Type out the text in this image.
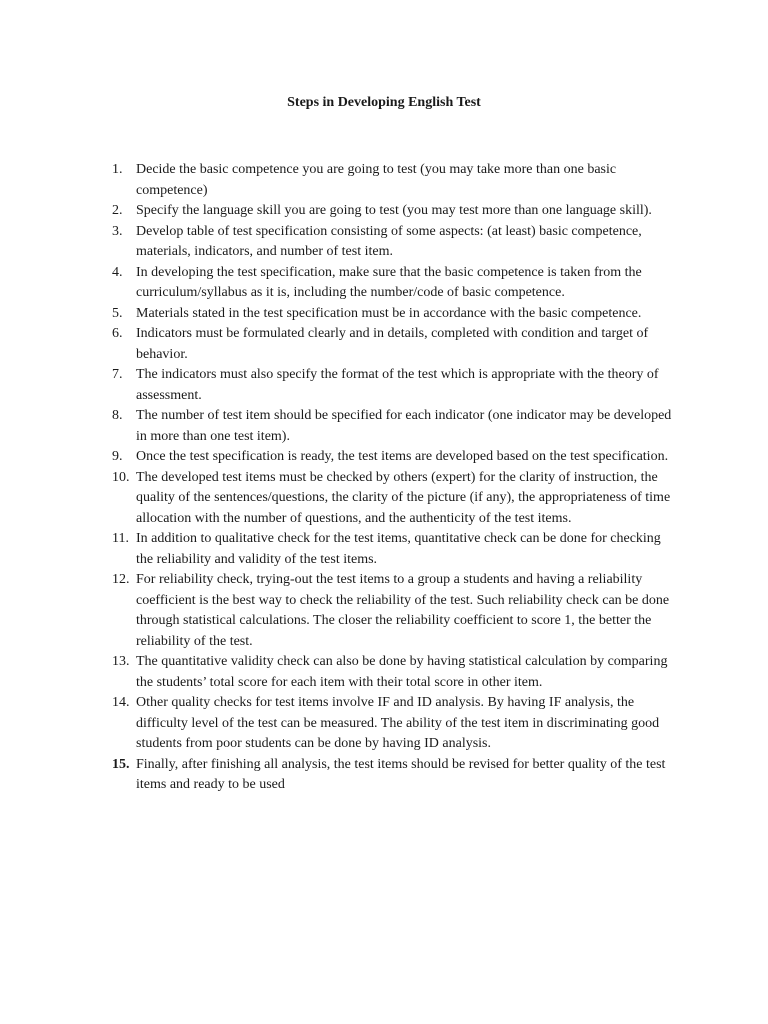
Steps in Developing English Test
1. Decide the basic competence you are going to test (you may take more than one basic competence)
2. Specify the language skill you are going to test (you may test more than one language skill).
3. Develop table of test specification consisting of some aspects: (at least) basic competence, materials, indicators, and number of test item.
4. In developing the test specification, make sure that the basic competence is taken from the curriculum/syllabus as it is, including the number/code of basic competence.
5. Materials stated in the test specification must be in accordance with the basic competence.
6. Indicators must be formulated clearly and in details, completed with condition and target of behavior.
7. The indicators must also specify the format of the test which is appropriate with the theory of assessment.
8. The number of test item should be specified for each indicator (one indicator may be developed in more than one test item).
9. Once the test specification is ready, the test items are developed based on the test specification.
10. The developed test items must be checked by others (expert) for the clarity of instruction, the quality of the sentences/questions, the clarity of the picture (if any), the appropriateness of time allocation with the number of questions, and the authenticity of the test items.
11. In addition to qualitative check for the test items, quantitative check can be done for checking the reliability and validity of the test items.
12. For reliability check, trying-out the test items to a group a students and having a reliability coefficient is the best way to check the reliability of the test. Such reliability check can be done through statistical calculations. The closer the reliability coefficient to score 1, the better the reliability of the test.
13. The quantitative validity check can also be done by having statistical calculation by comparing the students’ total score for each item with their total score in other item.
14. Other quality checks for test items involve IF and ID analysis. By having IF analysis, the difficulty level of the test can be measured. The ability of the test item in discriminating good students from poor students can be done by having ID analysis.
15. Finally, after finishing all analysis, the test items should be revised for better quality of the test items and ready to be used
